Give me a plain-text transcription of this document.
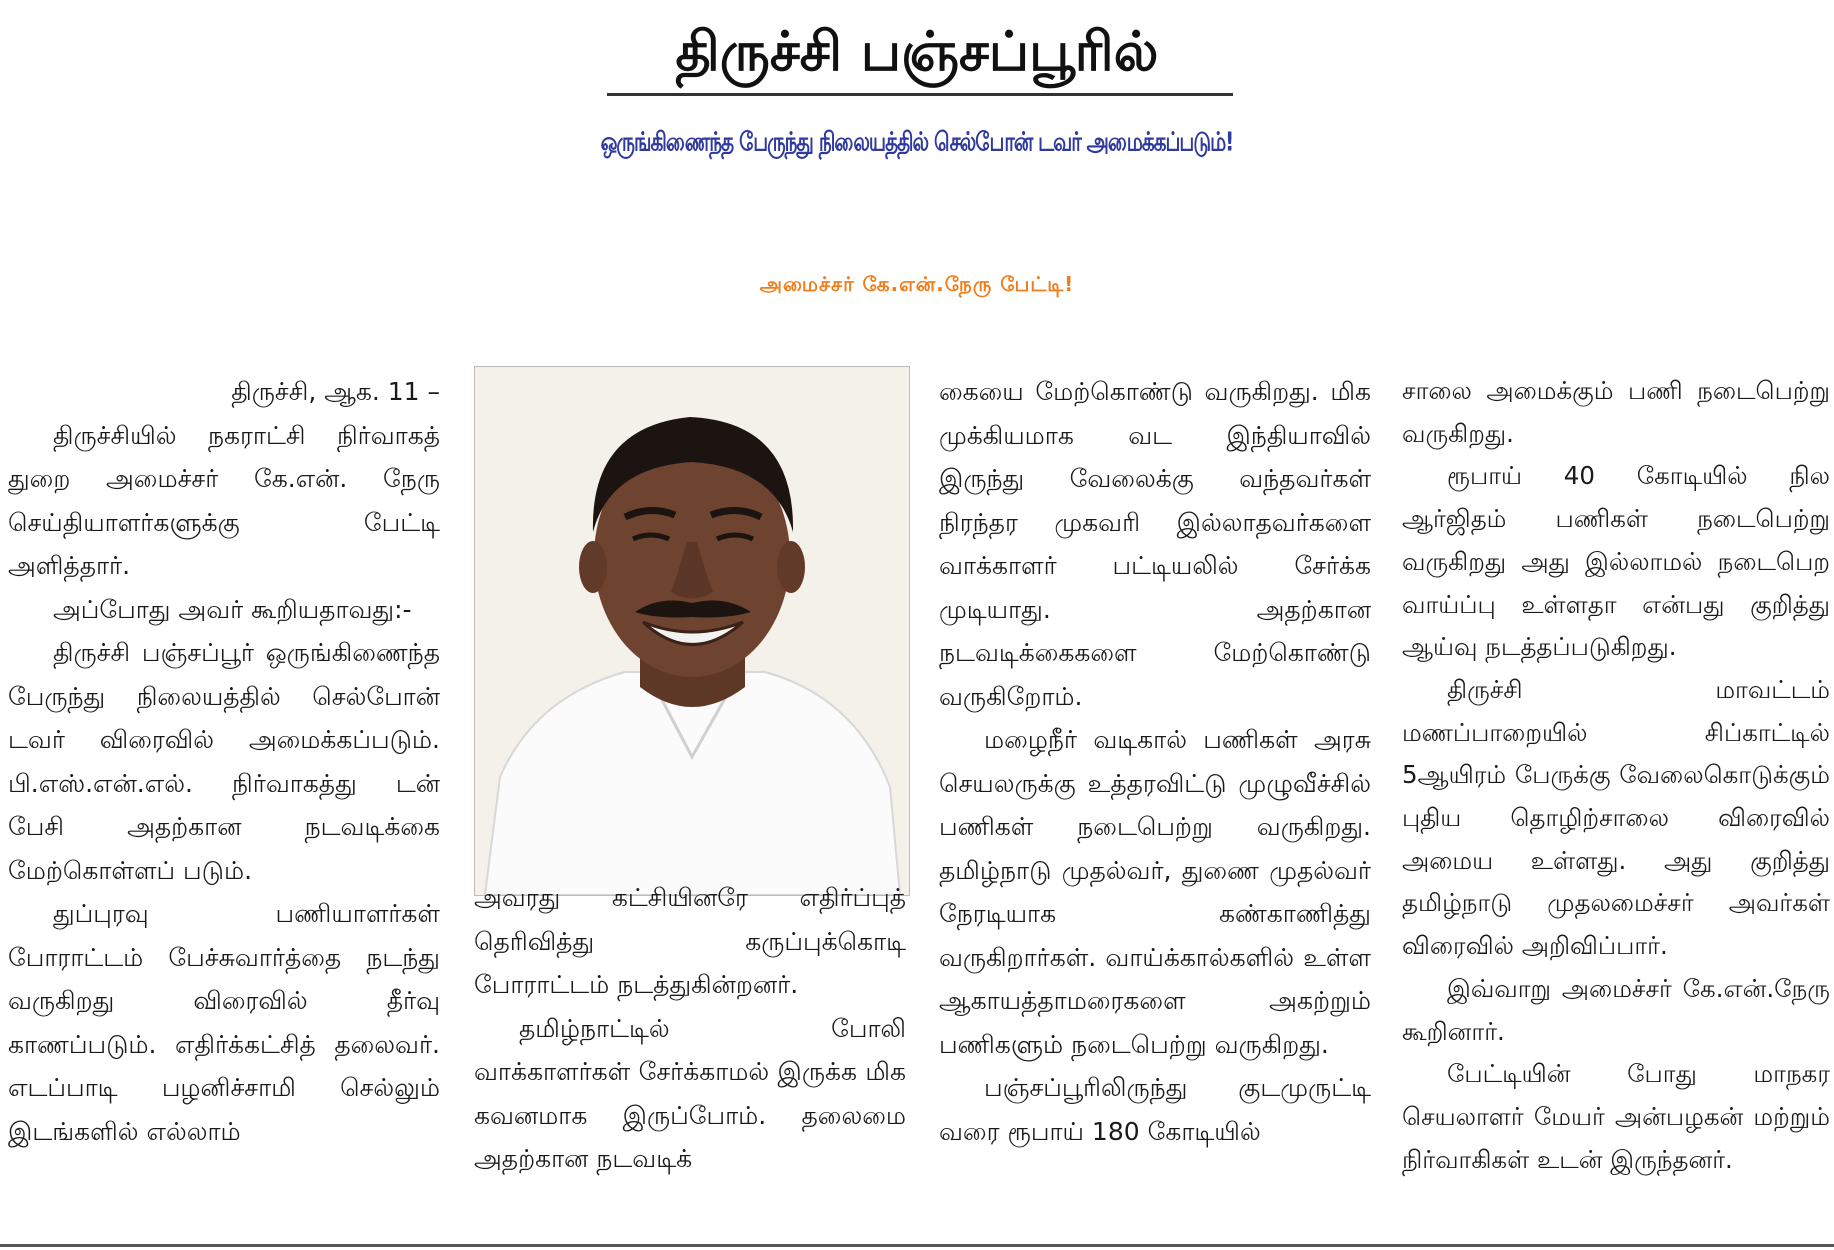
திருச்சி பஞ்சப்பூரில்
ஒருங்கிணைந்த பேருந்து நிலையத்தில் செல்போன் டவர் அமைக்கப்படும்!
அமைச்சர் கே.என்.நேரு பேட்டி!

திருச்சி, ஆக. 11 –

திருச்சியில் நகராட்சி நிர்வாகத் துறை அமைச்சர் கே.என். நேரு செய்தியாளர்களுக்கு பேட்டி அளித்தார்.

அப்போது அவர் கூறியதாவது:-

திருச்சி பஞ்சப்பூர் ஒருங்கிணைந்த பேருந்து நிலையத்தில் செல்போன் டவர் விரைவில் அமைக்கப்படும். பி.எஸ்.என்.எல். நிர்வாகத்து டன் பேசி அதற்கான நடவடிக்கை மேற்கொள்ளப் படும்.

துப்புரவு பணியாளர்கள் போராட்டம் பேச்சுவார்த்தை நடந்து வருகிறது விரைவில் தீர்வு காணப்படும். எதிர்க்கட்சித் தலைவர். எடப்பாடி பழனிச்சாமி செல்லும் இடங்களில் எல்லாம்

அவரது கட்சியினரே எதிர்ப்புத் தெரிவித்து கருப்புக்கொடி போராட்டம் நடத்துகின்றனர்.

தமிழ்நாட்டில் போலி வாக்காளர்கள் சேர்க்காமல் இருக்க மிக கவனமாக இருப்போம். தலைமை அதற்கான நடவடிக்

கையை மேற்கொண்டு வருகிறது. மிக முக்கியமாக வட இந்தியாவில் இருந்து வேலைக்கு வந்தவர்கள் நிரந்தர முகவரி இல்லாதவர்களை வாக்காளர் பட்டியலில் சேர்க்க முடியாது. அதற்கான நடவடிக்கைகளை மேற்கொண்டு வருகிறோம்.

மழைநீர் வடிகால் பணிகள் அரசு செயலருக்கு உத்தரவிட்டு முழுவீச்சில் பணிகள் நடைபெற்று வருகிறது. தமிழ்நாடு முதல்வர், துணை முதல்வர் நேரடியாக கண்காணித்து வருகிறார்கள். வாய்க்கால்களில் உள்ள ஆகாயத்தாமரைகளை அகற்றும் பணிகளும் நடைபெற்று வருகிறது.

பஞ்சப்பூரிலிருந்து குடமுருட்டி வரை ரூபாய் 180 கோடியில்

சாலை அமைக்கும் பணி நடைபெற்று வருகிறது.

ரூபாய் 40 கோடியில் நில ஆர்ஜிதம் பணிகள் நடைபெற்று வருகிறது அது இல்லாமல் நடைபெற வாய்ப்பு உள்ளதா என்பது குறித்து ஆய்வு நடத்தப்படுகிறது.

திருச்சி மாவட்டம் மணப்பாறையில் சிப்காட்டில் 5ஆயிரம் பேருக்கு வேலைகொடுக்கும் புதிய தொழிற்சாலை விரைவில் அமைய உள்ளது. அது குறித்து தமிழ்நாடு முதலமைச்சர் அவர்கள் விரைவில் அறிவிப்பார்.

இவ்வாறு அமைச்சர் கே.என்.நேரு கூறினார்.

பேட்டியின் போது மாநகர செயலாளர் மேயர் அன்பழகன் மற்றும் நிர்வாகிகள் உடன் இருந்தனர்.
